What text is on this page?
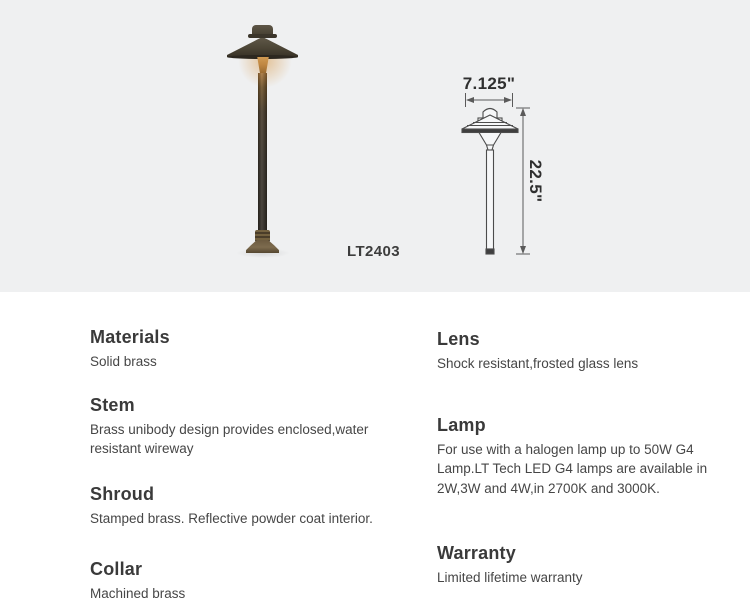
7.125"
22.5"
LT2403
Materials

Solid brass

Stem

Brass unibody design provides enclosed,water resistant wireway

Shroud

Stamped brass. Reflective powder coat interior.

Collar

Machined brass

Lens

Shock resistant,frosted glass lens

Lamp

For use with a halogen lamp up to 50W G4 Lamp.LT Tech LED G4 lamps are available in 2W,3W and 4W,in 2700K and 3000K.

Warranty

Limited lifetime warranty
